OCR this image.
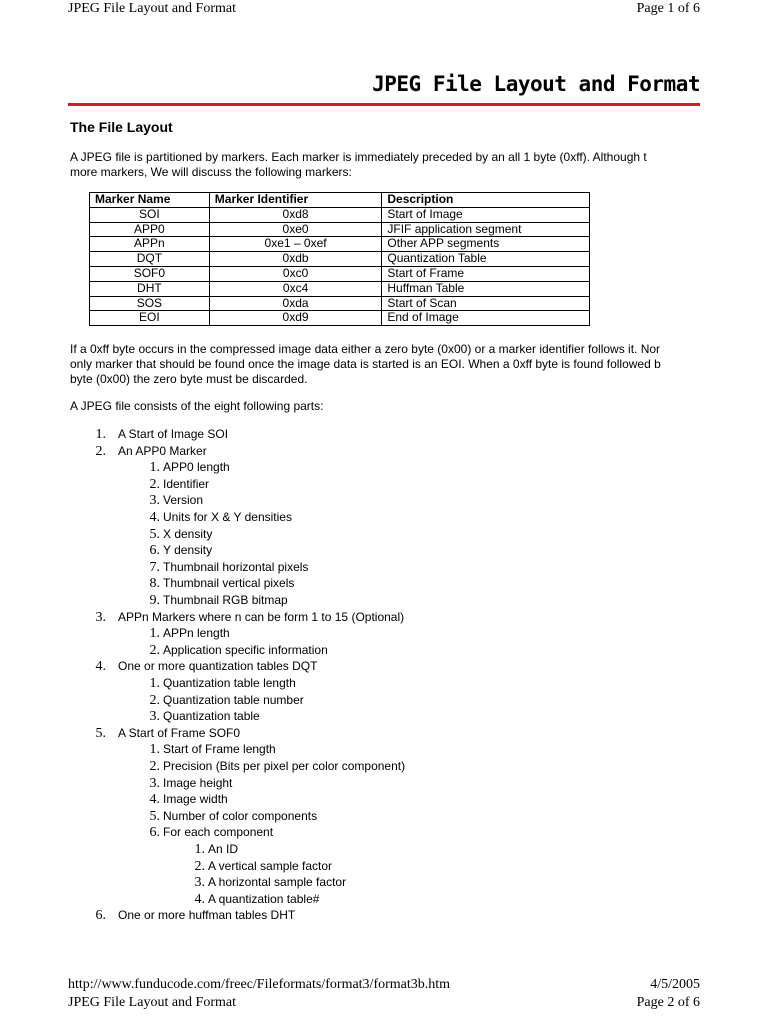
JPEG File Layout and Format	Page 1 of 6
JPEG File Layout and Format
The File Layout
A JPEG file is partitioned by markers. Each marker is immediately preceded by an all 1 byte (0xff). Although t
more markers, We will discuss the following markers:
Marker Name	Marker Identifier	Description
SOI	0xd8	Start of Image
APP0	0xe0	JFIF application segment
APPn	0xe1 – 0xef	Other APP segments
DQT	0xdb	Quantization Table
SOF0	0xc0	Start of Frame
DHT	0xc4	Huffman Table
SOS	0xda	Start of Scan
EOI	0xd9	End of Image
If a 0xff byte occurs in the compressed image data either a zero byte (0x00) or a marker identifier follows it. Nor
only marker that should be found once the image data is started is an EOI. When a 0xff byte is found followed b
byte (0x00) the zero byte must be discarded.
A JPEG file consists of the eight following parts:
1. A Start of Image SOI
2. An APP0 Marker
1. APP0 length
2. Identifier
3. Version
4. Units for X & Y densities
5. X density
6. Y density
7. Thumbnail horizontal pixels
8. Thumbnail vertical pixels
9. Thumbnail RGB bitmap
3. APPn Markers where n can be form 1 to 15 (Optional)
1. APPn length
2. Application specific information
4. One or more quantization tables DQT
1. Quantization table length
2. Quantization table number
3. Quantization table
5. A Start of Frame SOF0
1. Start of Frame length
2. Precision (Bits per pixel per color component)
3. Image height
4. Image width
5. Number of color components
6. For each component
1. An ID
2. A vertical sample factor
3. A horizontal sample factor
4. A quantization table#
6. One or more huffman tables DHT
http://www.funducode.com/freec/Fileformats/format3/format3b.htm	4/5/2005
JPEG File Layout and Format	Page 2 of 6
